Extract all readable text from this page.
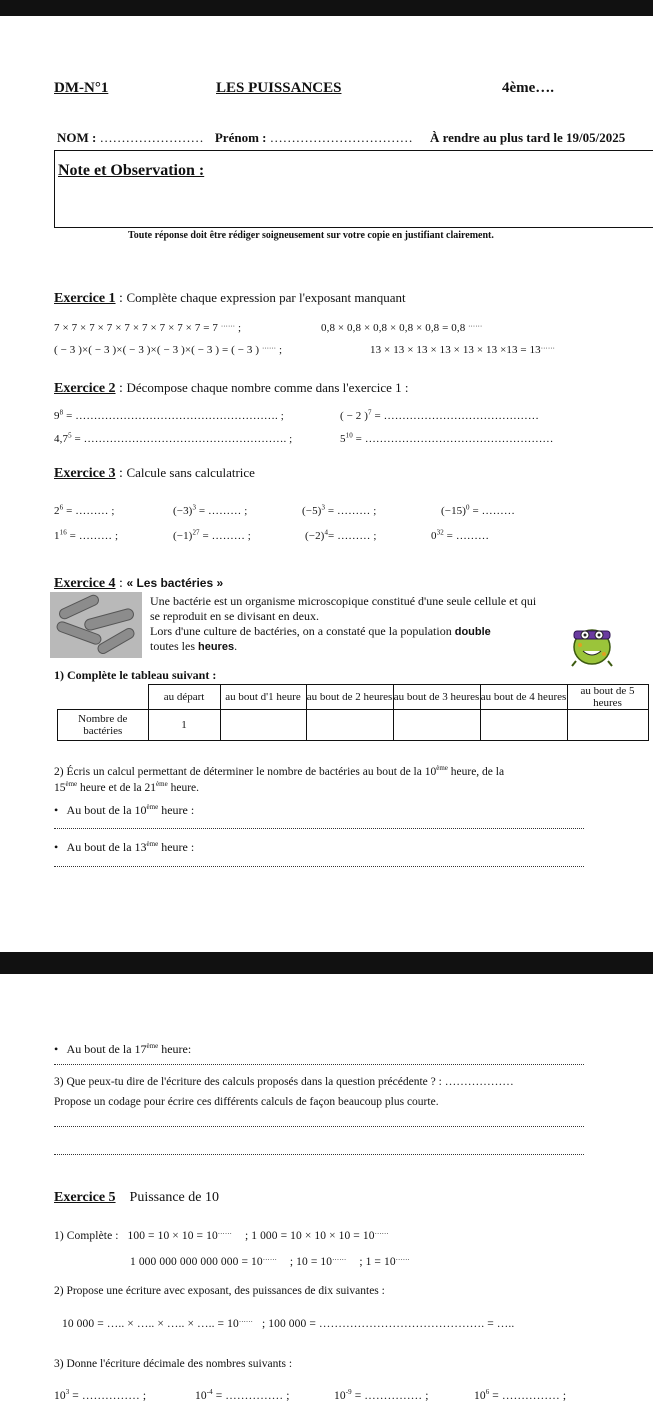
DM-N°1	LES PUISSANCES	4ème….
NOM : …………………… Prénom : …………………………… À rendre au plus tard le 19/05/2025
Note et Observation :
Toute réponse doit être rédiger soigneusement sur votre copie en justifiant clairement.
Exercice 1 : Complète chaque expression par l'exposant manquant
7 × 7 × 7 × 7 × 7 × 7 × 7 × 7 × 7 = 7 …… ;	0,8 × 0,8 × 0,8 × 0,8 × 0,8 = 0,8 ……
( − 3 )×( − 3 )×( − 3 )×( − 3 )×( − 3 ) = ( − 3 ) …… ;	13 × 13 × 13 × 13 × 13 × 13 ×13 = 13……
Exercice 2 : Décompose chaque nombre comme dans l'exercice 1 :
$9^8$ = ………………………………………………. ;	( − 2 )$^7$ = ……………………………………
$4,7^5$ = ………………………………………………. ;	$5^{10}$ = ……………………………………………
Exercice 3 : Calcule sans calculatrice
$2^6$ = ……… ;	$(-3)^3$ = ……… ;	$(-5)^3$ = ……… ;	$(-15)^0$ = ………
$1^{16}$ = ……… ;	$(-1)^{27}$ = ……… ;	$(-2)^4=$ ……… ;	$0^{32}$ = ………
Exercice 4 : « Les bactéries »
Une bactérie est un organisme microscopique constitué d'une seule cellule et qui
se reproduit en se divisant en deux.
Lors d'une culture de bactéries, on a constaté que la population double
toutes les heures.
1) Complète le tableau suivant :
	au départ	au bout d'1 heure	au bout de 2 heures	au bout de 3 heures	au bout de 4 heures	au bout de 5 heures
Nombre de bactéries	1					
2) Écris un calcul permettant de déterminer le nombre de bactéries au bout de la 10ème heure, de la
15ème heure et de la 21ème heure.
• Au bout de la 10ème heure :
• Au bout de la 13ème heure :
• Au bout de la 17ème heure:
3) Que peux-tu dire de l'écriture des calculs proposés dans la question précédente ? : ………………
Propose un codage pour écrire ces différents calculs de façon beaucoup plus courte.
Exercice 5 Puissance de 10
1) Complète : 100 = 10 × 10 = 10…… ; 1 000 = 10 × 10 × 10 = 10……
1 000 000 000 000 000 = 10…… ; 10 = 10…… ; 1 = 10……
2) Propose une écriture avec exposant, des puissances de dix suivantes :
10 000 = ….. × ….. × ….. × ….. = 10…… ; 100 000 = ……………………………………. = …..
3) Donne l'écriture décimale des nombres suivants :
$10^3$ = …………… ;	$10^{-4}$ = …………… ;	$10^{-9}$ = …………… ;	$10^6$ = …………… ;
